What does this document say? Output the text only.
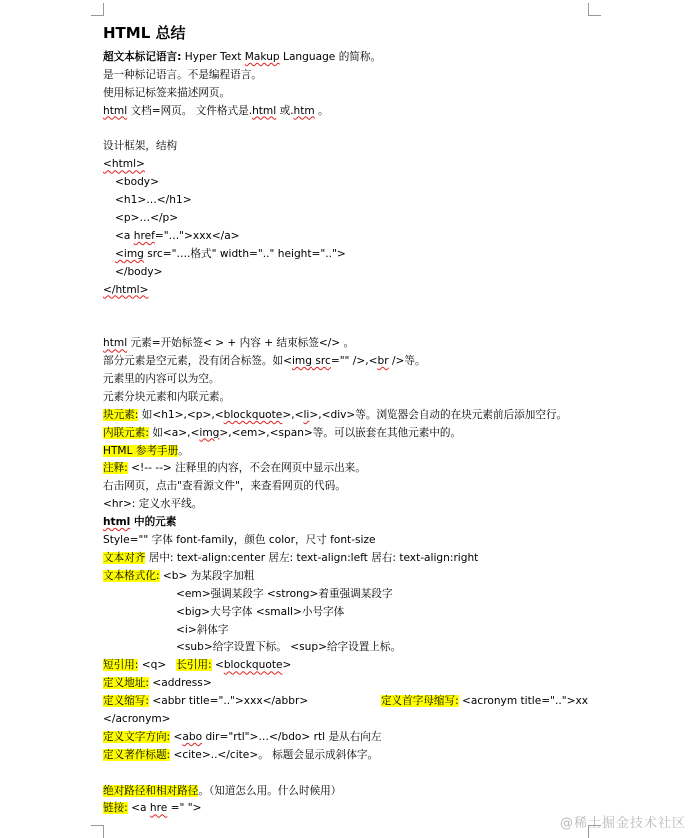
HTML 总结
超文本标记语言: Hyper Text Makup Language 的简称。
是一种标记语言。不是编程语言。
使用标记标签来描述网页。
html 文档=网页。 文件格式是.html 或.htm 。
设计框架，结构
<html>
<body>
<h1>…</h1>
<p>…</p>
<a href="…">xxx</a>
<img src="….格式" width=".." height="..">
</body>
</html>
html 元素=开始标签< > + 内容 + 结束标签</> 。
部分元素是空元素，没有闭合标签。如<img src="" />,<br />等。
元素里的内容可以为空。
元素分块元素和内联元素。
块元素: 如<h1>,<p>,<blockquote>,<li>,<div>等。浏览器会自动的在块元素前后添加空行。
内联元素: 如<a>,<img>,<em>,<span>等。可以嵌套在其他元素中的。
HTML 参考手册。
注释: <!-- --> 注释里的内容，不会在网页中显示出来。
右击网页，点击"查看源文件"，来查看网页的代码。
<hr>: 定义水平线。
html 中的元素
Style="" 字体 font-family，颜色 color，尺寸 font-size
文本对齐 居中: text-align:center 居左: text-align:left 居右: text-align:right
文本格式化: <b> 为某段字加粗
<em>强调某段字 <strong>着重强调某段字
<big>大号字体 <small>小号字体
<i>斜体字
<sub>给字设置下标。 <sup>给字设置上标。
短引用: <q> 长引用: <blockquote>
定义地址: <address>
定义缩写: <abbr title="..">xxx</abbr>	定义首字母缩写: <acronym title="..">xx
</acronym>
定义文字方向: <abo dir="rtl">…</bdo> rtl 是从右向左
定义著作标题: <cite>..</cite>。 标题会显示成斜体字。
绝对路径和相对路径。（知道怎么用。什么时候用）
链接: <a hre =" ">
@稀土掘金技术社区
